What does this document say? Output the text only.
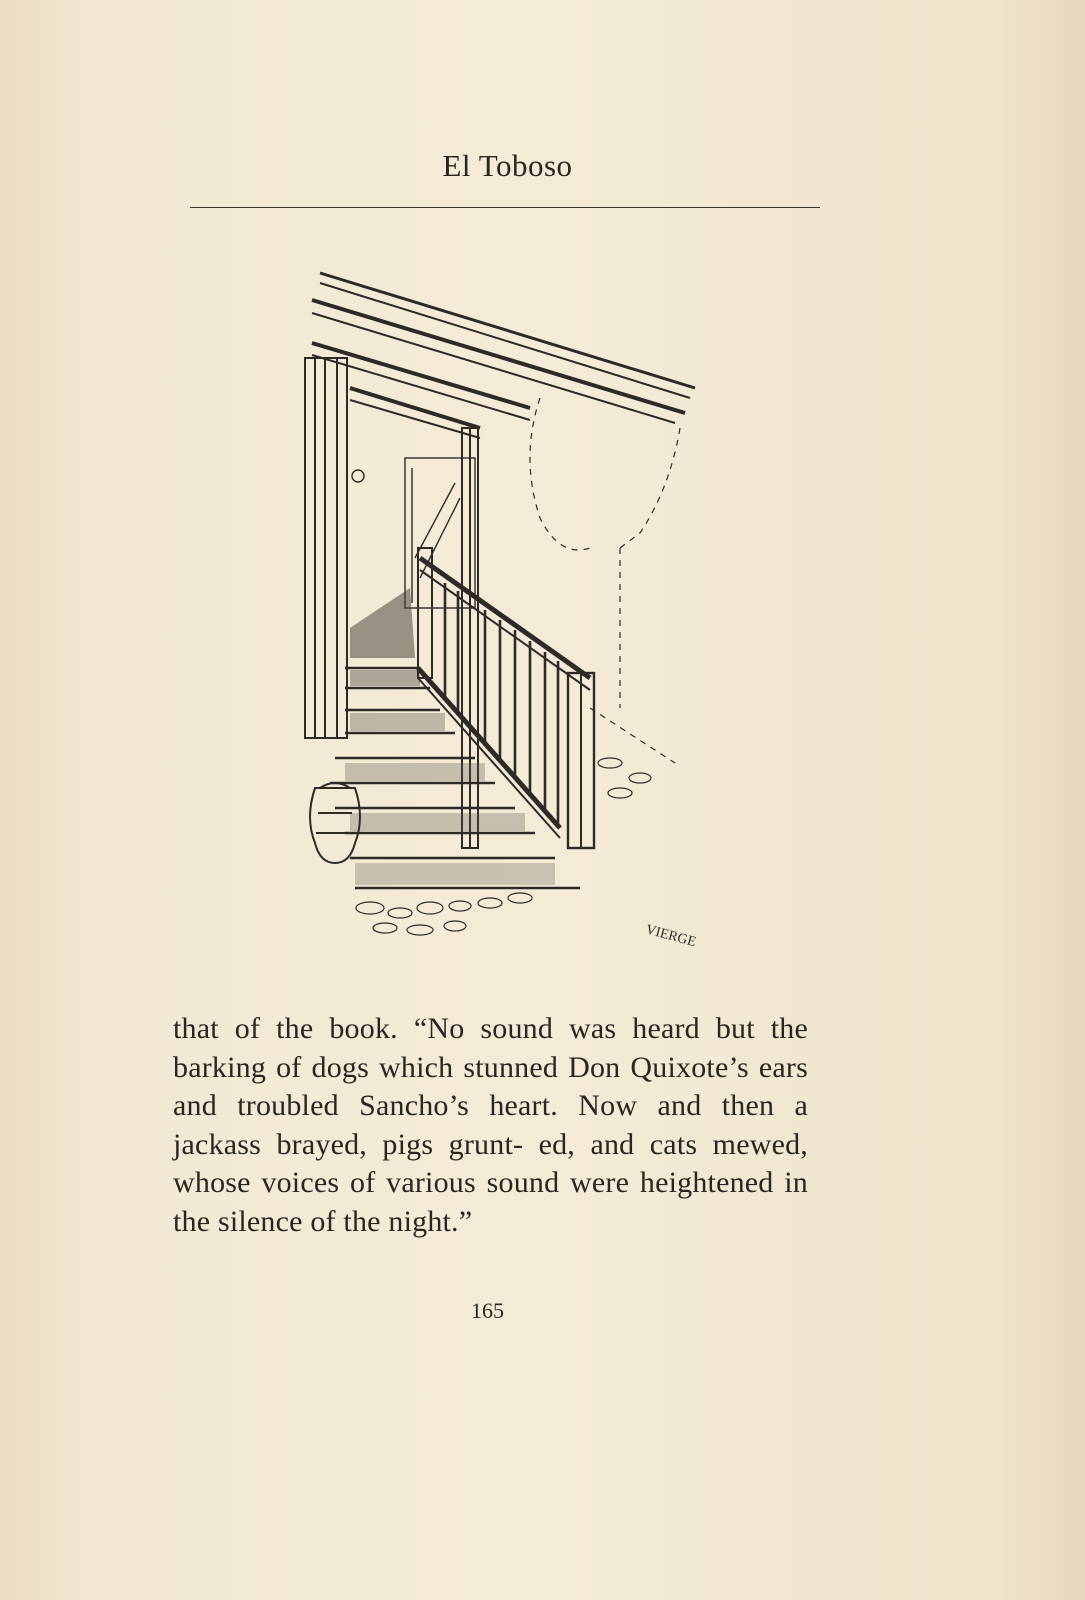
El Toboso
VIERGE

that of the book. “No sound was heard but the barking of dogs which stunned Don Quixote’s ears and troubled Sancho’s heart. Now and then a jackass brayed, pigs grunt- ed, and cats mewed, whose voices of various sound were heightened in the silence of the night.”

165
